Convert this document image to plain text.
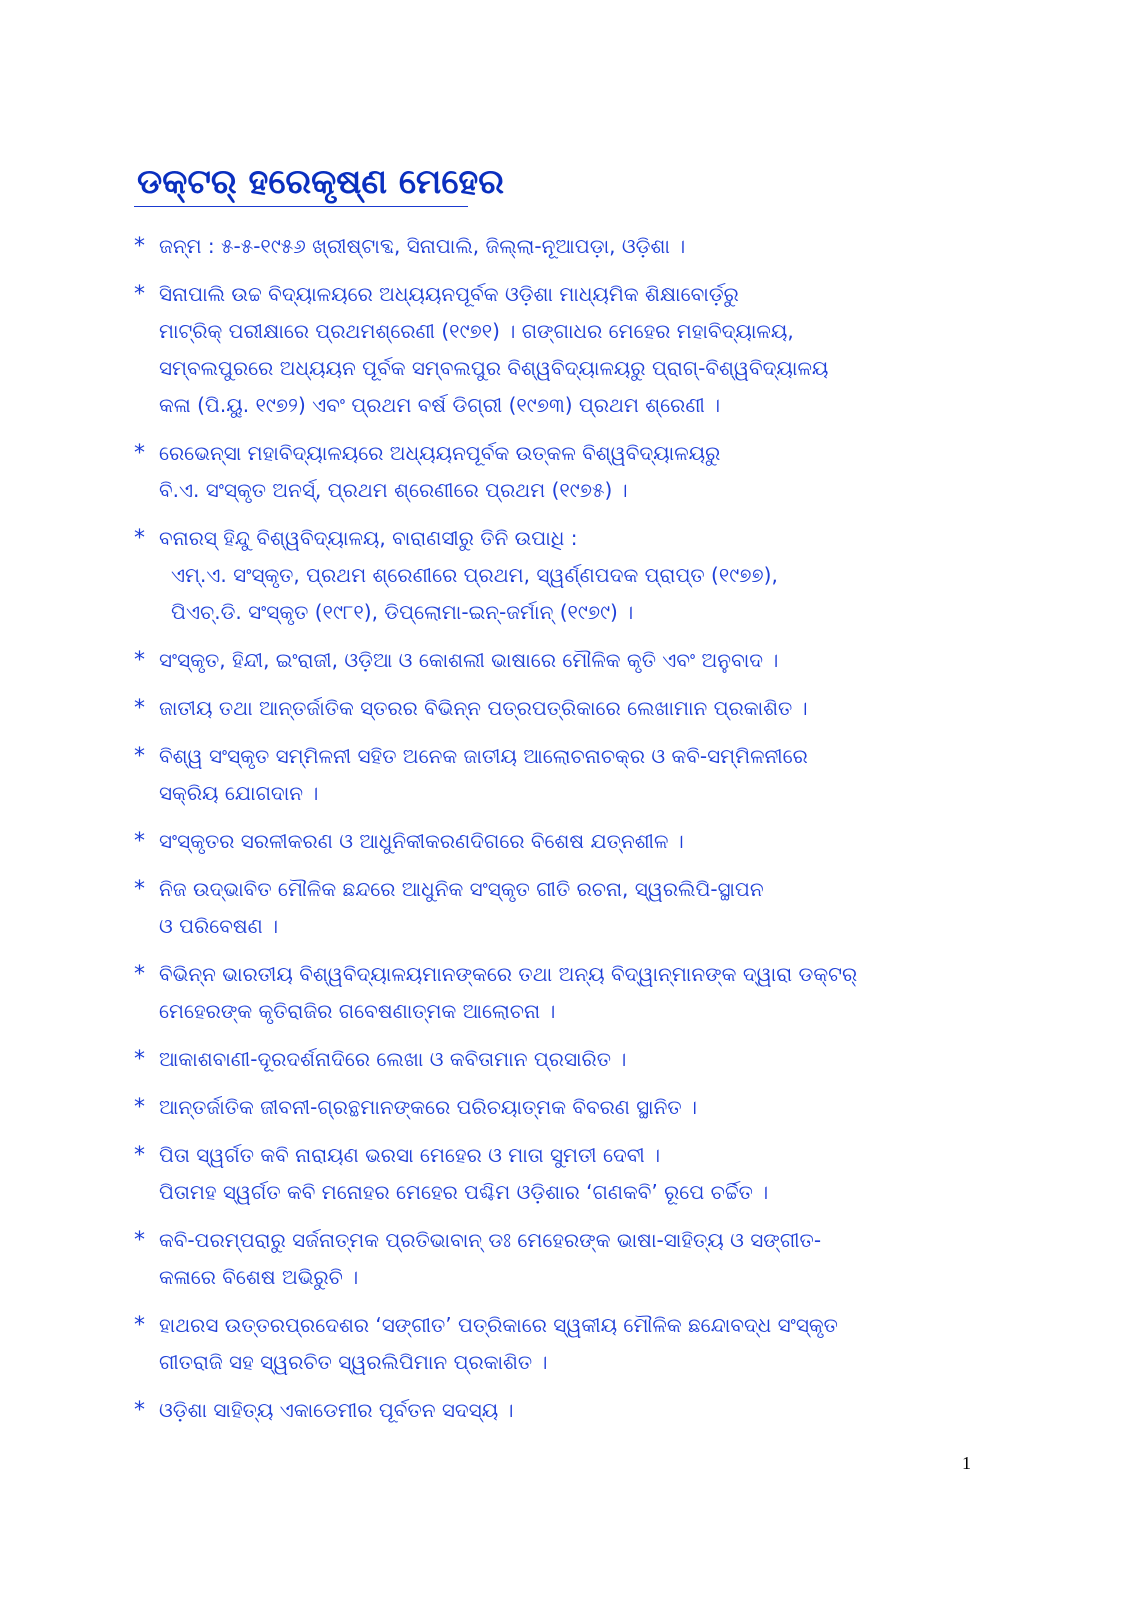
ଡକ୍ଟର୍ ହରେକୃଷ୍ଣ ମେହେର
* ଜନ୍ମ : ୫-୫-୧୯୫୬ ଖ୍ରୀଷ୍ଟାବ୍ଦ, ସିନାପାଲି, ଜିଲ୍ଲା-ନୂଆପଡ଼ା, ଓଡ଼ିଶା ।
* ସିନାପାଲି ଉଚ୍ଚ ବିଦ୍ୟାଳୟରେ ଅଧ୍ୟୟନପୂର୍ବକ ଓଡ଼ିଶା ମାଧ୍ୟମିକ ଶିକ୍ଷାବୋର୍ଡ଼ରୁ
ମାଟ୍ରିକ୍ ପରୀକ୍ଷାରେ ପ୍ରଥମଶ୍ରେଣୀ (୧୯୭୧) । ଗଙ୍ଗାଧର ମେହେର ମହାବିଦ୍ୟାଳୟ,
ସମ୍ବଲପୁରରେ ଅଧ୍ୟୟନ ପୂର୍ବକ ସମ୍ବଲପୁର ବିଶ୍ୱବିଦ୍ୟାଳୟରୁ ପ୍ରାଗ୍-ବିଶ୍ୱବିଦ୍ୟାଳୟ
କଳା (ପି.ୟୁ. ୧୯୭୨) ଏବଂ ପ୍ରଥମ ବର୍ଷ ଡିଗ୍ରୀ (୧୯୭୩) ପ୍ରଥମ ଶ୍ରେଣୀ ।
* ରେଭେନ୍ସା ମହାବିଦ୍ୟାଳୟରେ ଅଧ୍ୟୟନପୂର୍ବକ ଉତ୍କଳ ବିଶ୍ୱବିଦ୍ୟାଳୟରୁ
ବି.ଏ. ସଂସ୍କୃତ ଅନର୍ସ୍, ପ୍ରଥମ ଶ୍ରେଣୀରେ ପ୍ରଥମ (୧୯୭୫) ।
* ବନାରସ୍ ହିନ୍ଦୁ ବିଶ୍ୱବିଦ୍ୟାଳୟ, ବାରାଣସୀରୁ ତିନି ଉପାଧି :
ଏମ୍.ଏ. ସଂସ୍କୃତ, ପ୍ରଥମ ଶ୍ରେଣୀରେ ପ୍ରଥମ, ସ୍ୱର୍ଣ୍ଣପଦକ ପ୍ରାପ୍ତ (୧୯୭୭),
ପିଏଚ୍.ଡି. ସଂସ୍କୃତ (୧୯୮୧), ଡିପ୍ଲୋମା-ଇନ୍-ଜର୍ମାନ୍ (୧୯୭୯) ।
* ସଂସ୍କୃତ, ହିନ୍ଦୀ, ଇଂରାଜୀ, ଓଡ଼ିଆ ଓ କୋଶଲୀ ଭାଷାରେ ମୌଳିକ କୃତି ଏବଂ ଅନୁବାଦ ।
* ଜାତୀୟ ତଥା ଆନ୍ତର୍ଜାତିକ ସ୍ତରର ବିଭିନ୍ନ ପତ୍ରପତ୍ରିକାରେ ଲେଖାମାନ ପ୍ରକାଶିତ ।
* ବିଶ୍ୱ ସଂସ୍କୃତ ସମ୍ମିଳନୀ ସହିତ ଅନେକ ଜାତୀୟ ଆଲୋଚନାଚକ୍ର ଓ କବି-ସମ୍ମିଳନୀରେ
ସକ୍ରିୟ ଯୋଗଦାନ ।
* ସଂସ୍କୃତର ସରଳୀକରଣ ଓ ଆଧୁନିକୀକରଣଦିଗରେ ବିଶେଷ ଯତ୍ନଶୀଳ ।
* ନିଜ ଉଦ୍‌ଭାବିତ ମୌଳିକ ଛନ୍ଦରେ ଆଧୁନିକ ସଂସ୍କୃତ ଗୀତି ରଚନା, ସ୍ୱରଲିପି-ସ୍ଥାପନ
ଓ ପରିବେଷଣ ।
* ବିଭିନ୍ନ ଭାରତୀୟ ବିଶ୍ୱବିଦ୍ୟାଳୟମାନଙ୍କରେ ତଥା ଅନ୍ୟ ବିଦ୍ୱାନ୍‌ମାନଙ୍କ ଦ୍ୱାରା ଡକ୍ଟର୍
ମେହେରଙ୍କ କୃତିରାଜିର ଗବେଷଣାତ୍ମକ ଆଲୋଚନା ।
* ଆକାଶବାଣୀ-ଦୂରଦର୍ଶନାଦିରେ ଲେଖା ଓ କବିତାମାନ ପ୍ରସାରିତ ।
* ଆନ୍ତର୍ଜାତିକ ଜୀବନୀ-ଗ୍ରନ୍ଥମାନଙ୍କରେ ପରିଚୟାତ୍ମକ ବିବରଣ ସ୍ଥାନିତ ।
* ପିତା ସ୍ୱର୍ଗତ କବି ନାରାୟଣ ଭରସା ମେହେର ଓ ମାତା ସୁମତୀ ଦେବୀ ।
ପିତାମହ ସ୍ୱର୍ଗତ କବି ମନୋହର ମେହେର ପଶ୍ଚିମ ଓଡ଼ିଶାର ‘ଗଣକବି’ ରୂପେ ଚର୍ଚ୍ଚିତ ।
* କବି-ପରମ୍ପରାରୁ ସର୍ଜନାତ୍ମକ ପ୍ରତିଭାବାନ୍ ଡଃ ମେହେରଙ୍କ ଭାଷା-ସାହିତ୍ୟ ଓ ସଙ୍ଗୀତ-
କଳାରେ ବିଶେଷ ଅଭିରୁଚି ।
* ହାଥରସ ଉତ୍ତରପ୍ରଦେଶର ‘ସଙ୍ଗୀତ’ ପତ୍ରିକାରେ ସ୍ୱକୀୟ ମୌଳିକ ଛନ୍ଦୋବଦ୍ଧ ସଂସ୍କୃତ
ଗୀତରାଜି ସହ ସ୍ୱରଚିତ ସ୍ୱରଲିପିମାନ ପ୍ରକାଶିତ ।
* ଓଡ଼ିଶା ସାହିତ୍ୟ ଏକାଡେମୀର ପୂର୍ବତନ ସଦସ୍ୟ ।
1
